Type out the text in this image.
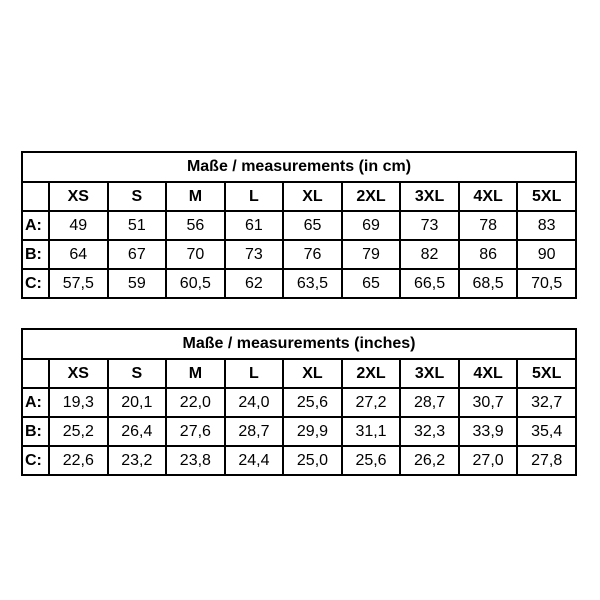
Maße / measurements (in cm)									
	XS	S	M	L	XL	2XL	3XL	4XL	5XL
A:	49	51	56	61	65	69	73	78	83
B:	64	67	70	73	76	79	82	86	90
C:	57,5	59	60,5	62	63,5	65	66,5	68,5	70,5
Maße / measurements (inches)									
	XS	S	M	L	XL	2XL	3XL	4XL	5XL
A:	19,3	20,1	22,0	24,0	25,6	27,2	28,7	30,7	32,7
B:	25,2	26,4	27,6	28,7	29,9	31,1	32,3	33,9	35,4
C:	22,6	23,2	23,8	24,4	25,0	25,6	26,2	27,0	27,8
